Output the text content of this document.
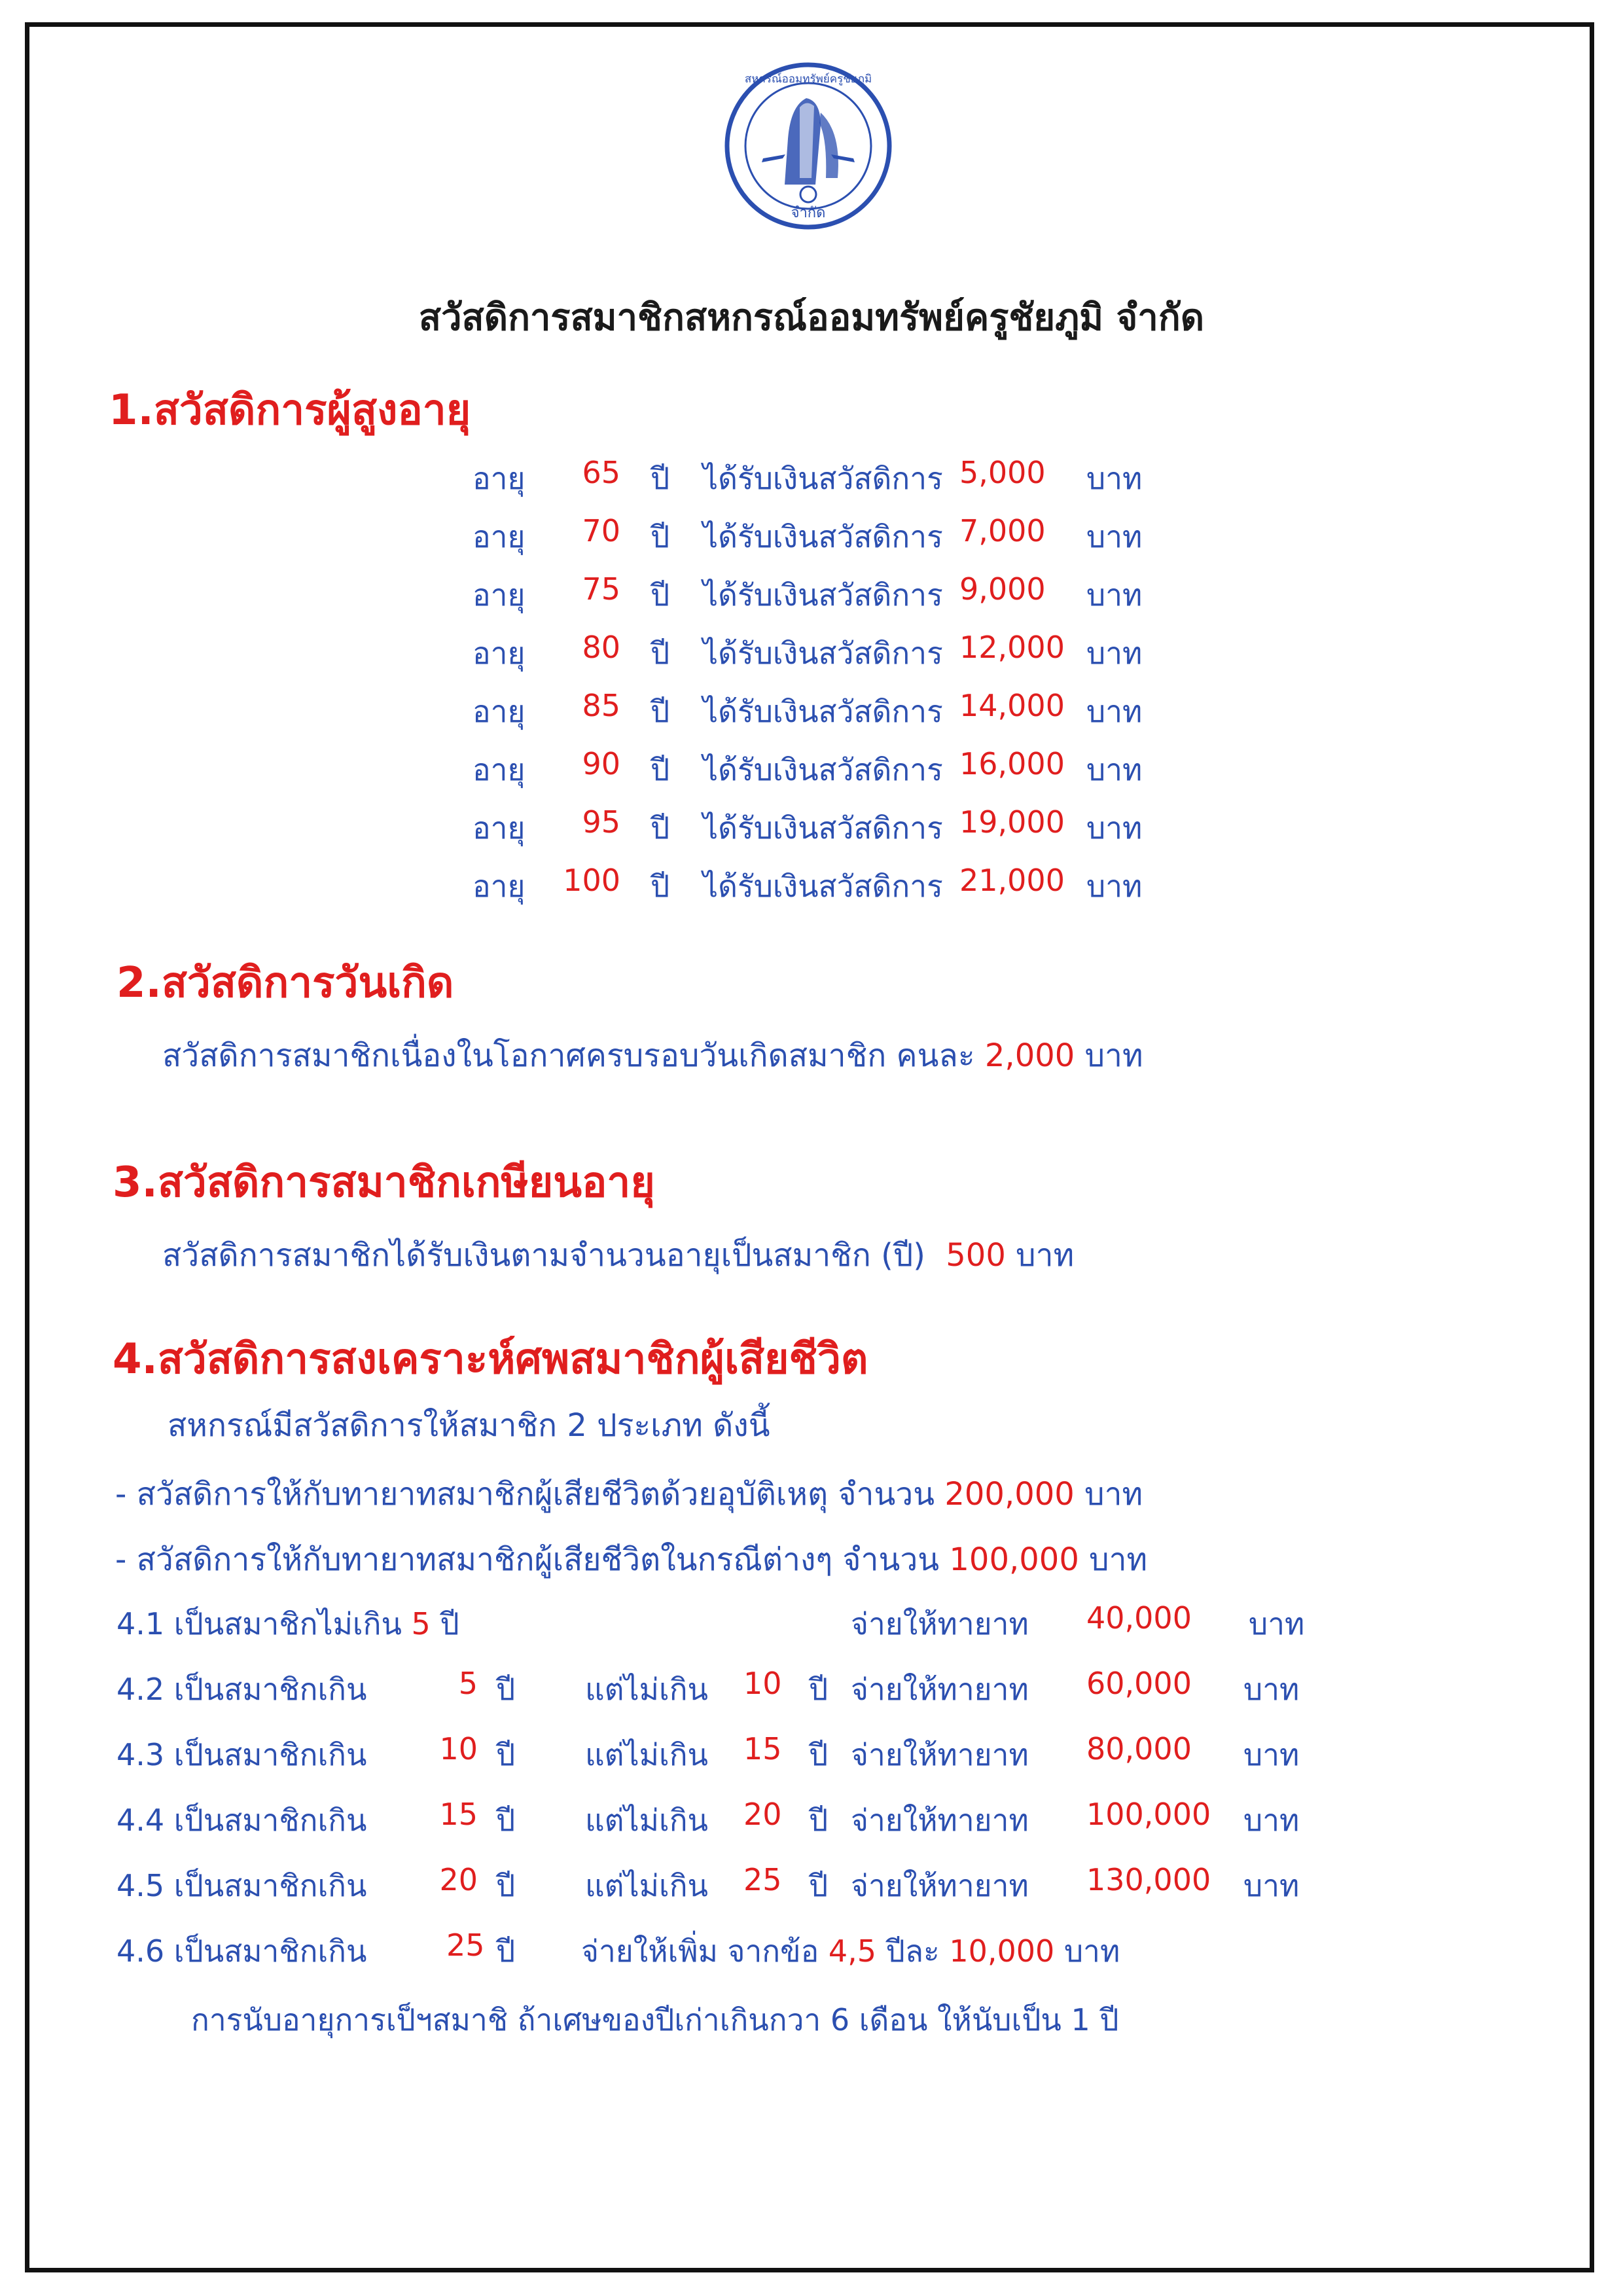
จำกัด
สหกรณ์ออมทรัพย์ครูชัยภูมิ
สวัสดิการสมาชิกสหกรณ์ออมทรัพย์ครูชัยภูมิ จำกัด
1.สวัสดิการผู้สูงอายุ
อายุ	65 ปี ได้รับเงินสวัสดิการ 5,000 บาท
อายุ	70 ปี ได้รับเงินสวัสดิการ 7,000 บาท
อายุ	75 ปี ได้รับเงินสวัสดิการ 9,000 บาท
อายุ	80 ปี ได้รับเงินสวัสดิการ 12,000 บาท
อายุ	85 ปี ได้รับเงินสวัสดิการ 14,000 บาท
อายุ	90 ปี ได้รับเงินสวัสดิการ 16,000 บาท
อายุ	95 ปี ได้รับเงินสวัสดิการ 19,000 บาท
อายุ	100 ปี ได้รับเงินสวัสดิการ 21,000 บาท
2.สวัสดิการวันเกิด
สวัสดิการสมาชิกเนื่องในโอกาศครบรอบวันเกิดสมาชิก คนละ 2,000 บาท
3.สวัสดิการสมาชิกเกษียนอายุ
สวัสดิการสมาชิกได้รับเงินตามจำนวนอายุเป็นสมาชิก (ปี) 500 บาท
4.สวัสดิการสงเคราะห์ศพสมาชิกผู้เสียชีวิต
สหกรณ์มีสวัสดิการให้สมาชิก 2 ประเภท ดังนี้
- สวัสดิการให้กับทายาทสมาชิกผู้เสียชีวิตด้วยอุบัติเหตุ จำนวน 200,000 บาท
- สวัสดิการให้กับทายาทสมาชิกผู้เสียชีวิตในกรณีต่างๆ จำนวน 100,000 บาท
4.1 เป็นสมาชิกไม่เกิน 5 ปี	จ่ายให้ทายาท 40,000 บาท
4.2 เป็นสมาชิกเกิน	5 ปี แต่ไม่เกิน 10 ปี จ่ายให้ทายาท 60,000 บาท
4.3 เป็นสมาชิกเกิน	10 ปี แต่ไม่เกิน 15 ปี จ่ายให้ทายาท 80,000 บาท
4.4 เป็นสมาชิกเกิน	15 ปี แต่ไม่เกิน 20 ปี จ่ายให้ทายาท 100,000 บาท
4.5 เป็นสมาชิกเกิน	20 ปี แต่ไม่เกิน 25 ปี จ่ายให้ทายาท 130,000 บาท
4.6 เป็นสมาชิกเกิน	25 ปี จ่ายให้เพิ่ม จากข้อ 4,5 ปีละ 10,000 บาท
การนับอายุการเป็ฯสมาชิ ถ้าเศษของปีเก่าเกินกวา 6 เดือน ให้นับเป็น 1 ปี
